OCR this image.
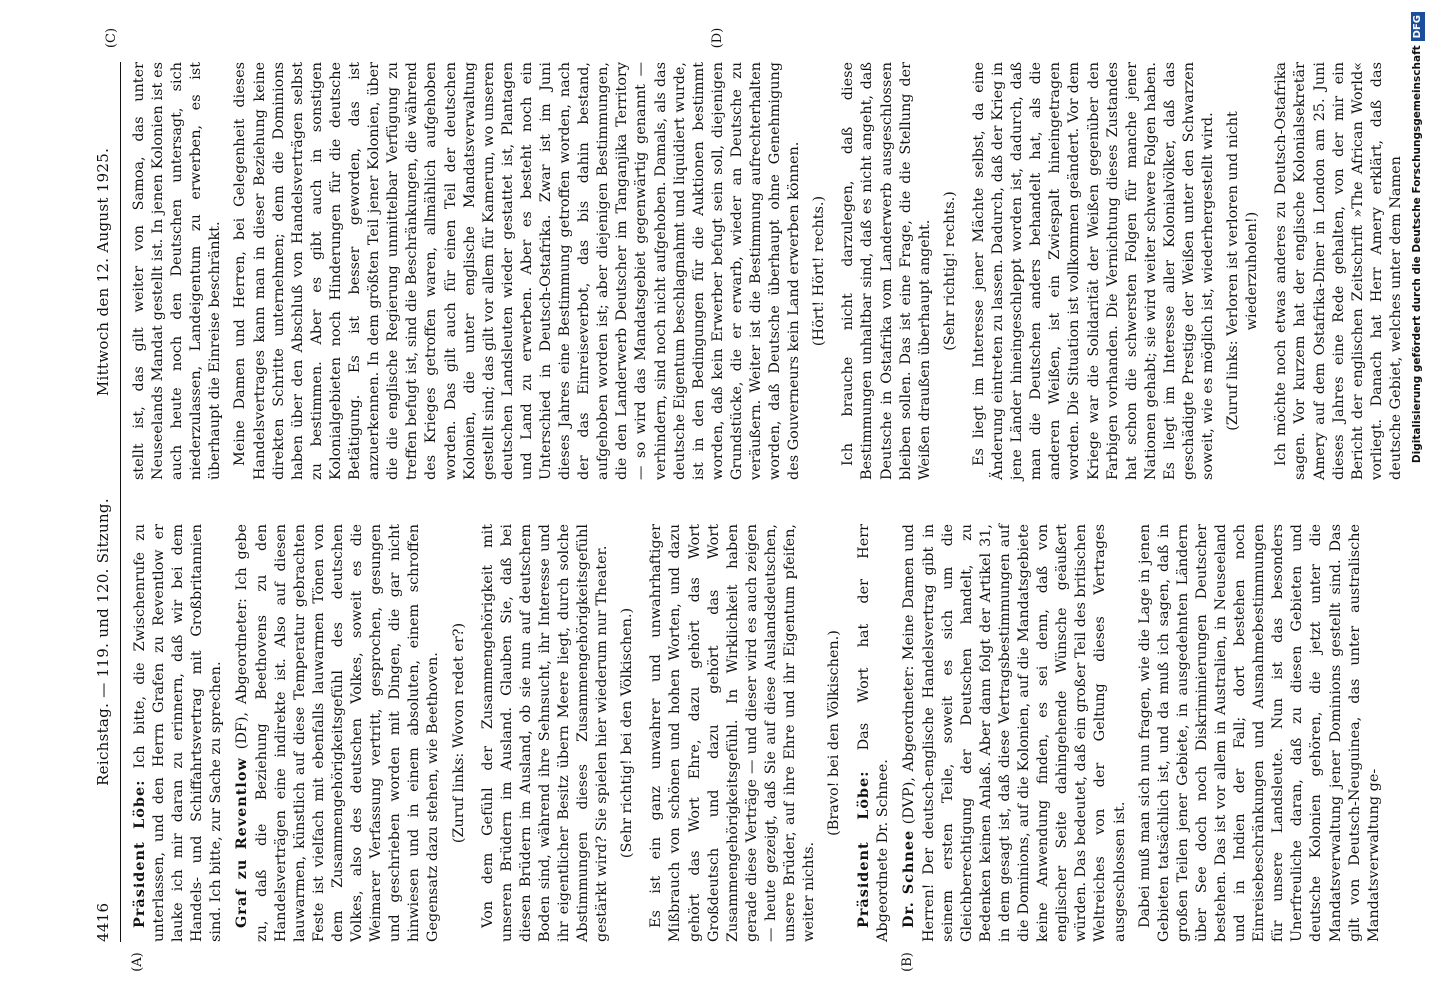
4416
Reichstag. — 119. und 120. Sitzung.
Mittwoch den 12. August 1925.
(A)	(B)
(C)	(D)

Präsident Löbe: Ich bitte, die Zwischenrufe zu unterlassen, und den Herrn Grafen zu Reventlow er lauke ich mir daran zu erinnern, daß wir bei dem Handels- und Schiffahrtsvertrag mit Großbritannien sind. Ich bitte, zur Sache zu sprechen. Graf zu Reventlow (DF), Abgeordneter: Ich gebe zu, daß die Beziehung Beethovens zu den Handelsverträgen eine indirekte ist. Also auf diesen lauwarmen, künstlich auf diese Temperatur gebrachten Feste ist vielfach mit ebenfalls lauwarmen Tönen von dem Zusammengehörigkeitsgefühl des deutschen Volkes, also des deutschen Volkes, soweit es die Weimarer Verfassung vertritt, gesprochen, gesungen und geschrieben worden mit Dingen, die gar nicht hinwiesen und in einem absoluten, einem schroffen Gegensatz dazu stehen, wie Beethoven. (Zuruf links: Wovon redet er?) Von dem Gefühl der Zusammengehörigkeit mit unseren Brüdern im Ausland. Glauben Sie, daß bei diesen Brüdern im Ausland, ob sie nun auf deutschem Boden sind, während ihre Sehnsucht, ihr Interesse und ihr eigentlicher Besitz übern Meere liegt, durch solche Abstimmungen dieses Zusammengehörigkeitsgefühl gestärkt wird? Sie spielen hier wiederum nur Theater. (Sehr richtig! bei den Völkischen.) Es ist ein ganz unwahrer und unwahrhaftiger Mißbrauch von schönen und hohen Worten, und dazu gehört das Wort Ehre, dazu gehört das Wort Großdeutsch und dazu gehört das Wort Zusammengehörigkeitsgefühl. In Wirklichkeit haben gerade diese Verträge — und dieser wird es auch zeigen — heute gezeigt, daß Sie auf diese Auslandsdeutschen, unsere Brüder, auf ihre Ehre und ihr Eigentum pfeifen, weiter nichts.

(Bravo! bei den Völkischen.)

Präsident Löbe: Das Wort hat der Herr Abgeordnete Dr. Schnee. Dr. Schnee (DVP), Abgeordneter: Meine Damen und Herren! Der deutsch-englische Handelsvertrag gibt in seinem ersten Teile, soweit es sich um die Gleichberechtigung der Deutschen handelt, zu Bedenken keinen Anlaß. Aber dann folgt der Artikel 31, in dem gesagt ist, daß diese Vertragsbestimmungen auf die Dominions, auf die Kolonien, auf die Mandatsgebiete keine Anwendung finden, es sei denn, daß von englischer Seite dahingehende Wünsche geäußert würden. Das bedeutet, daß ein großer Teil des britischen Weltreiches von der Geltung dieses Vertrages ausgeschlossen ist. Dabei muß man sich nun fragen, wie die Lage in jenen Gebieten tatsächlich ist, und da muß ich sagen, daß in großen Teilen jener Gebiete, in ausgedehnten Ländern über See doch noch Diskriminierungen Deutscher bestehen. Das ist vor allem in Australien, in Neuseeland und in Indien der Fall; dort bestehen noch Einreisebeschränkungen und Ausnahmebestimmungen für unsere Landsleute. Nun ist das besonders Unerfreuliche daran, daß zu diesen Gebieten und deutsche Kolonien gehören, die jetzt unter die Mandatsverwaltung jener Dominions gestellt sind. Das gilt von Deutsch-Neuguinea, das unter australische Mandatsverwaltung ge-

stellt ist, das gilt weiter von Samoa, das unter Neuseelands Mandat gestellt ist. In jenen Kolonien ist es auch heute noch den Deutschen untersagt, sich niederzulassen, Landeigentum zu erwerben, es ist überhaupt die Einreise beschränkt. Meine Damen und Herren, bei Gelegenheit dieses Handelsvertrages kann man in dieser Beziehung keine direkten Schritte unternehmen; denn die Dominions haben über den Abschluß von Handelsverträgen selbst zu bestimmen. Aber es gibt auch in sonstigen Kolonialgebieten noch Hinderungen für die deutsche Betätigung. Es ist besser geworden, das ist anzuerkennen. In dem größten Teil jener Kolonien, über die die englische Regierung unmittelbar Verfügung zu treffen befugt ist, sind die Beschränkungen, die während des Krieges getroffen waren, allmählich aufgehoben worden. Das gilt auch für einen Teil der deutschen Kolonien, die unter englische Mandatsverwaltung gestellt sind; das gilt vor allem für Kamerun, wo unseren deutschen Landsleuten wieder gestattet ist, Plantagen und Land zu erwerben. Aber es besteht noch ein Unterschied in Deutsch-Ostafrika. Zwar ist im Juni dieses Jahres eine Bestimmung getroffen worden, nach der das Einreiseverbot, das bis dahin bestand, aufgehoben worden ist; aber diejenigen Bestimmungen, die den Landerwerb Deutscher im Tanganjika Territory — so wird das Mandatsgebiet gegenwärtig genannt — verhindern, sind noch nicht aufgehoben. Damals, als das deutsche Eigentum beschlagnahmt und liquidiert wurde, ist in den Bedingungen für die Auktionen bestimmt worden, daß kein Erwerber befugt sein soll, diejenigen Grundstücke, die er erwarb, wieder an Deutsche zu veräußern. Weiter ist die Bestimmung aufrechterhalten worden, daß Deutsche überhaupt ohne Genehmigung des Gouverneurs kein Land erwerben können. (Hört! Hört! rechts.) Ich brauche nicht darzulegen, daß diese Bestimmungen unhaltbar sind, daß es nicht angeht, daß Deutsche in Ostafrika vom Landerwerb ausgeschlossen bleiben sollen. Das ist eine Frage, die die Stellung der Weißen draußen überhaupt angeht. (Sehr richtig! rechts.) Es liegt im Interesse jener Mächte selbst, da eine Änderung eintreten zu lassen. Dadurch, daß der Krieg in jene Länder hineingeschleppt worden ist, dadurch, daß man die Deutschen anders behandelt hat, als die anderen Weißen, ist ein Zwiespalt hineingetragen worden. Die Situation ist vollkommen geändert. Vor dem Kriege war die Solidarität der Weißen gegenüber den Farbigen vorhanden. Die Vernichtung dieses Zustandes hat schon die schwersten Folgen für manche jener Nationen gehabt; sie wird weiter schwere Folgen haben. Es liegt im Interesse aller Kolonialvölker, daß das geschädigte Prestige der Weißen unter den Schwarzen soweit, wie es möglich ist, wiederhergestellt wird. (Zuruf links: Verloren ist verloren und nicht wiederzuholen!) Ich möchte noch etwas anderes zu Deutsch-Ostafrika sagen. Vor kurzem hat der englische Kolonialsekretär Amery auf dem Ostafrika-Diner in London am 25. Juni dieses Jahres eine Rede gehalten, von der mir ein Bericht der englischen Zeitschrift »The African World« vorliegt. Danach hat Herr Amery erklärt, daß das deutsche Gebiet, welches unter dem Namen Digitalisierung gefördert durch die Deutsche ForschungsgemeinschaftDFG
